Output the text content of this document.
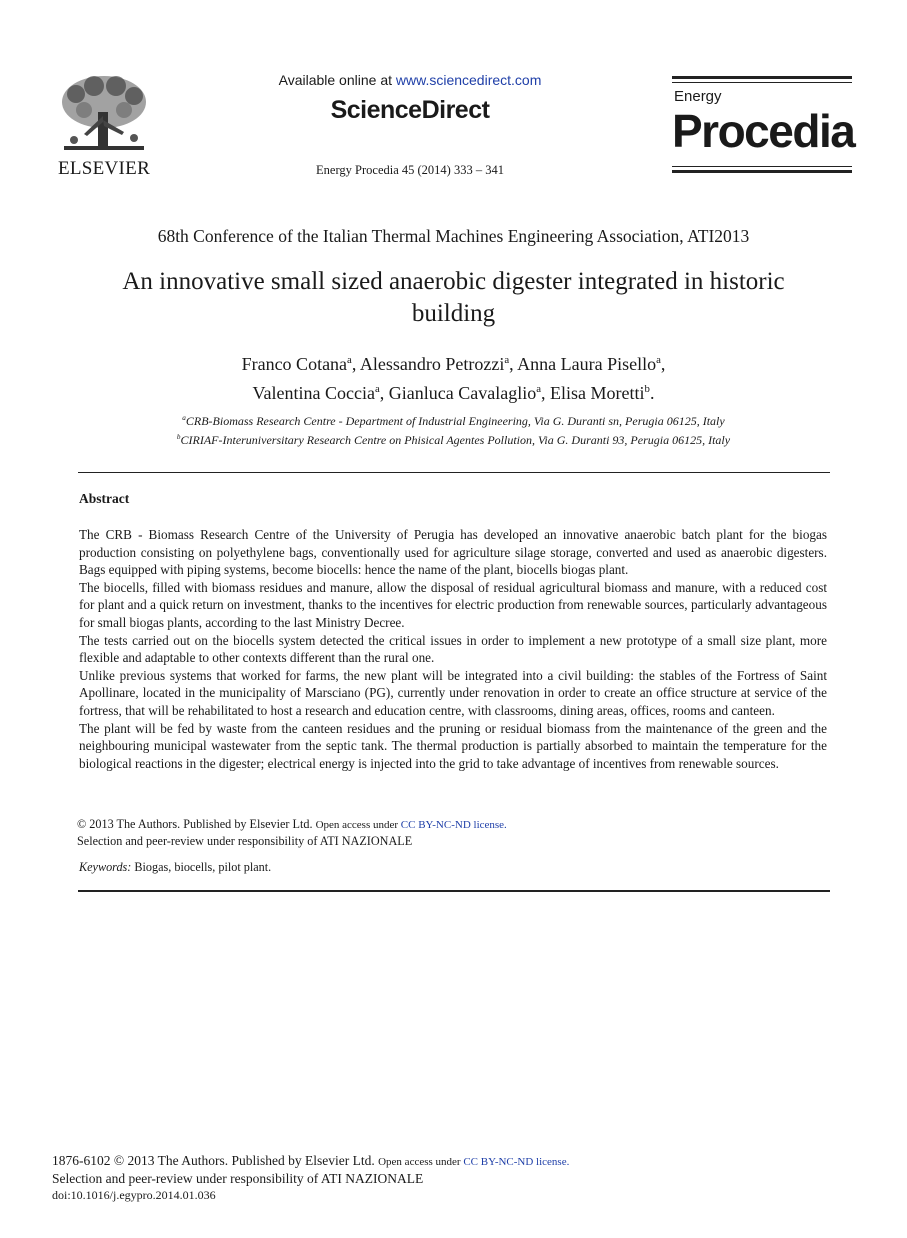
ELSEVIER
Available online at www.sciencedirect.com
ScienceDirect
Energy Procedia 45 (2014) 333 – 341
Energy
Procedia
68th Conference of the Italian Thermal Machines Engineering Association, ATI2013
An innovative small sized anaerobic digester integrated in historic
building
Franco Cotana$^a$, Alessandro Petrozzi$^a$, Anna Laura Pisello$^a$,
Valentina Coccia$^a$, Gianluca Cavalaglio$^a$, Elisa Moretti$^b$.
$^a$CRB-Biomass Research Centre - Department of Industrial Engineering, Via G. Duranti sn, Perugia 06125, Italy
$^b$CIRIAF-Interuniversitary Research Centre on Phisical Agentes Pollution, Via G. Duranti 93, Perugia 06125, Italy
Abstract

The CRB - Biomass Research Centre of the University of Perugia has developed an innovative anaerobic batch plant for the biogas production consisting on polyethylene bags, conventionally used for agriculture silage storage, converted and used as anaerobic digesters. Bags equipped with piping systems, become biocells: hence the name of the plant, biocells biogas plant.

The biocells, filled with biomass residues and manure, allow the disposal of residual agricultural biomass and manure, with a reduced cost for plant and a quick return on investment, thanks to the incentives for electric production from renewable sources, particularly advantageous for small biogas plants, according to the last Ministry Decree.

The tests carried out on the biocells system detected the critical issues in order to implement a new prototype of a small size plant, more flexible and adaptable to other contexts different than the rural one.

Unlike previous systems that worked for farms, the new plant will be integrated into a civil building: the stables of the Fortress of Saint Apollinare, located in the municipality of Marsciano (PG), currently under renovation in order to create an office structure at service of the fortress, that will be rehabilitated to host a research and education centre, with classrooms, dining areas, offices, rooms and canteen.

The plant will be fed by waste from the canteen residues and the pruning or residual biomass from the maintenance of the green and the neighbouring municipal wastewater from the septic tank. The thermal production is partially absorbed to maintain the temperature for the biological reactions in the digester; electrical energy is injected into the grid to take advantage of incentives from renewable sources.

© 2013 The Authors. Published by Elsevier Ltd. Open access under CC BY-NC-ND license.
Selection and peer-review under responsibility of ATI NAZIONALE
Keywords: Biogas, biocells, pilot plant.
1876-6102 © 2013 The Authors. Published by Elsevier Ltd. Open access under CC BY-NC-ND license.
Selection and peer-review under responsibility of ATI NAZIONALE
doi:10.1016/j.egypro.2014.01.036
